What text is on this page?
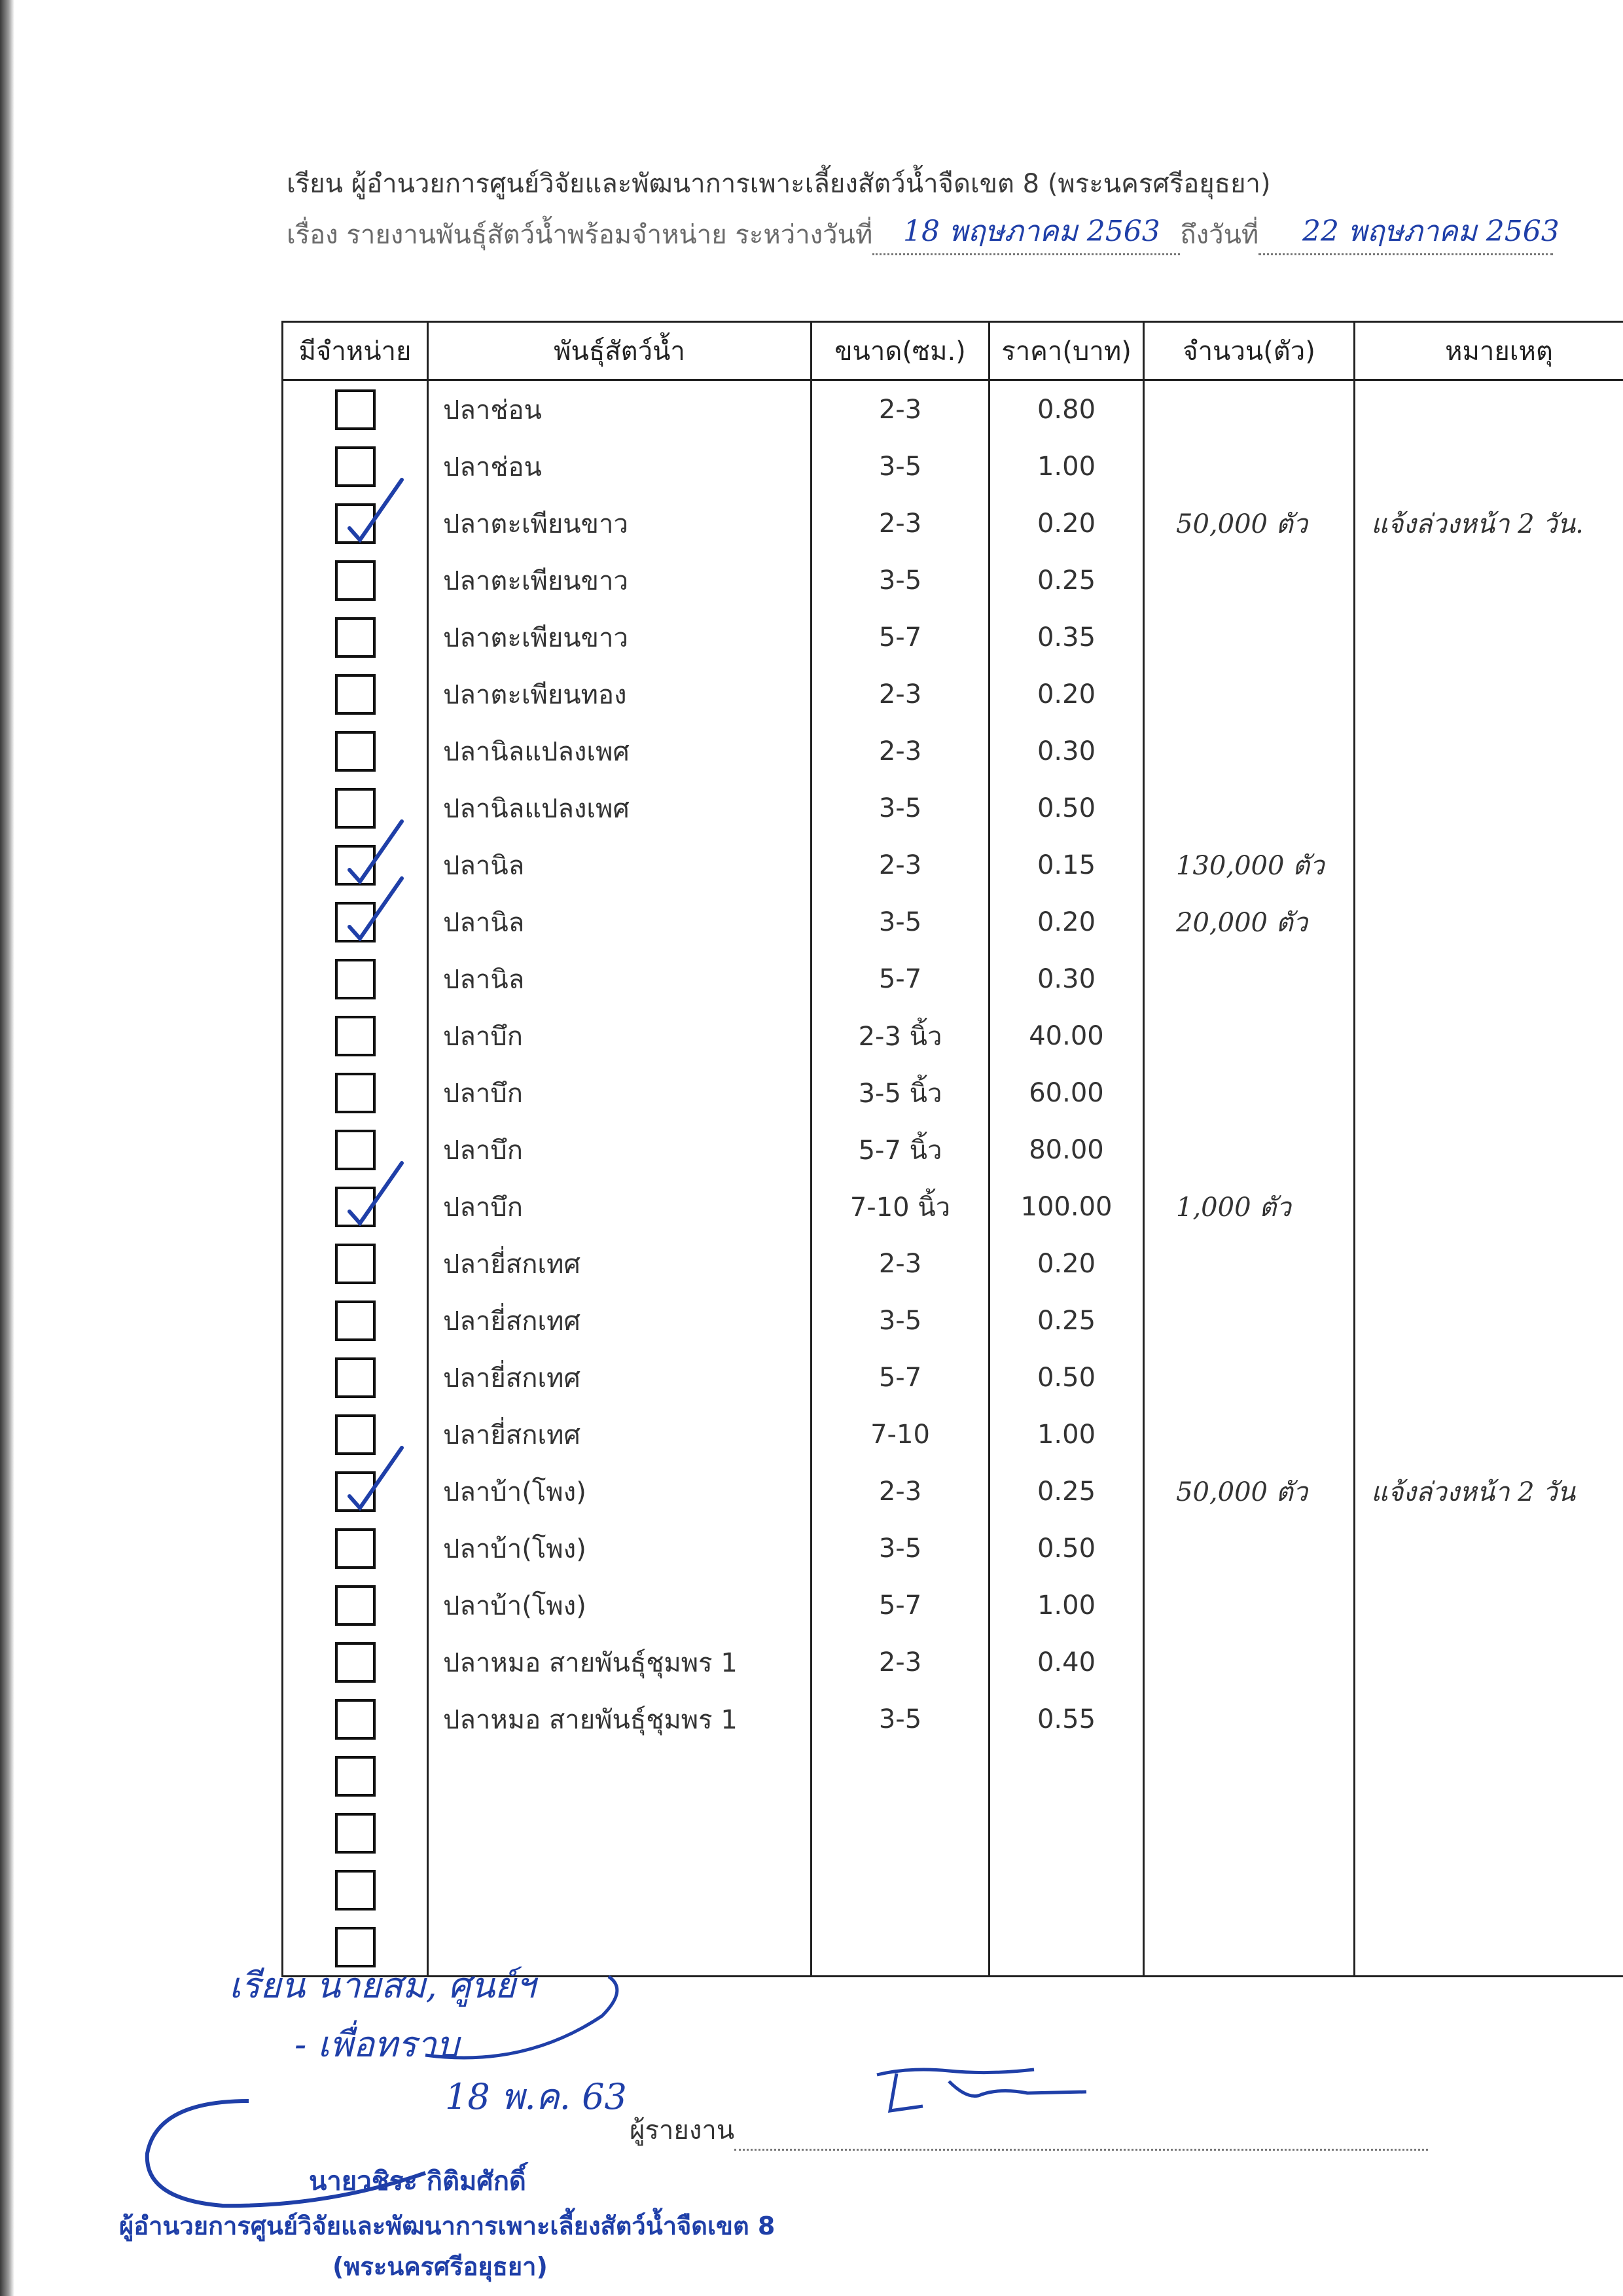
เรียน ผู้อำนวยการศูนย์วิจัยและพัฒนาการเพาะเลี้ยงสัตว์น้ำจืดเขต 8 (พระนครศรีอยุธยา)
เรื่อง รายงานพันธุ์สัตว์น้ำพร้อมจำหน่าย ระหว่างวันที่	ถึงวันที่
18 พฤษภาคม 2563	22 พฤษภาคม 2563
มีจำหน่าย	พันธุ์สัตว์น้ำ	ขนาด(ซม.)	ราคา(บาท)	จำนวน(ตัว)	หมายเหตุ
	ปลาช่อน	2-3	0.80		
	ปลาช่อน	3-5	1.00		

	ปลาตะเพียนขาว	2-3	0.20	50,000 ตัว	แจ้งล่วงหน้า 2 วัน.
	ปลาตะเพียนขาว	3-5	0.25		
	ปลาตะเพียนขาว	5-7	0.35		
	ปลาตะเพียนทอง	2-3	0.20		
	ปลานิลแปลงเพศ	2-3	0.30		
	ปลานิลแปลงเพศ	3-5	0.50		

	ปลานิล	2-3	0.15	130,000 ตัว	

	ปลานิล	3-5	0.20	20,000 ตัว	
	ปลานิล	5-7	0.30		
	ปลาบึก	2-3 นิ้ว	40.00		
	ปลาบึก	3-5 นิ้ว	60.00		
	ปลาบึก	5-7 นิ้ว	80.00		

	ปลาบึก	7-10 นิ้ว	100.00	1,000 ตัว	
	ปลายี่สกเทศ	2-3	0.20		
	ปลายี่สกเทศ	3-5	0.25		
	ปลายี่สกเทศ	5-7	0.50		
	ปลายี่สกเทศ	7-10	1.00		

	ปลาบ้า(โพง)	2-3	0.25	50,000 ตัว	แจ้งล่วงหน้า 2 วัน
	ปลาบ้า(โพง)	3-5	0.50		
	ปลาบ้า(โพง)	5-7	1.00		
	ปลาหมอ สายพันธุ์ชุมพร 1	2-3	0.40		
	ปลาหมอ สายพันธุ์ชุมพร 1	3-5	0.55		

ผู้รายงาน
เรียน นายสม, ศูนย์ฯ
- เพื่อทราบ
18 พ.ค. 63
นายวชิระ กิติมศักดิ์
ผู้อำนวยการศูนย์วิจัยและพัฒนาการเพาะเลี้ยงสัตว์น้ำจืดเขต 8
(พระนครศรีอยุธยา)
